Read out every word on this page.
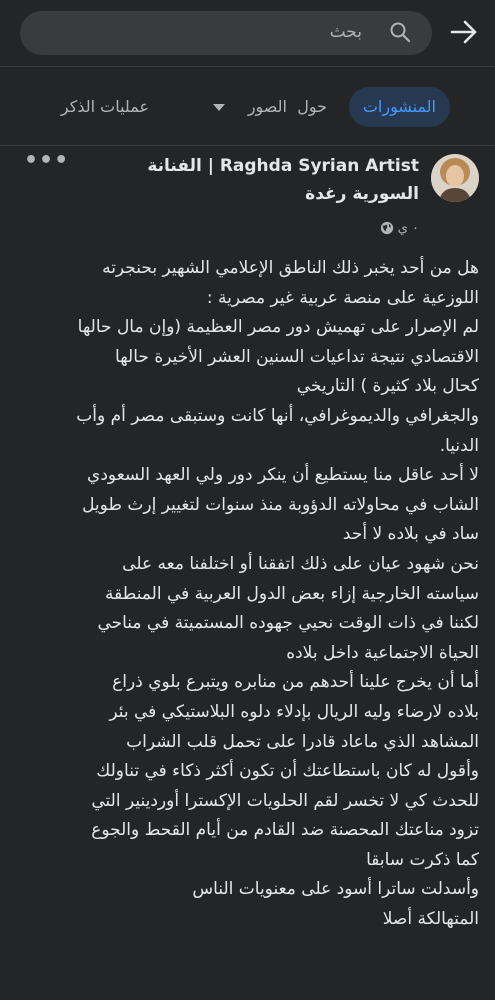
بحث
المنشورات
حول
الصور
عمليات الذكر
Raghda Syrian Artist | الفنانة السورية رغدة
•••
٠ ي
هل من أحد يخبر ذلك الناطق الإعلامي الشهير بحنجرته
اللوزعية على منصة عربية غير مصرية :
لم الإصرار على تهميش دور مصر العظيمة (وإن مال حالها
الاقتصادي نتيجة تداعيات السنين العشر الأخيرة حالها
كحال بلاد كثيرة ) التاريخي
والجغرافي والديموغرافي، أنها كانت وستبقى مصر أم وأب
الدنيا.
لا أحد عاقل منا يستطيع أن ينكر دور ولي العهد السعودي
الشاب في محاولاته الدؤوبة منذ سنوات لتغيير إرث طويل
ساد في بلاده لا أحد
نحن شهود عيان على ذلك اتفقنا أو اختلفنا معه على
سياسته الخارجية إزاء بعض الدول العربية في المنطقة
لكننا في ذات الوقت نحيي جهوده المستميتة في مناحي
الحياة الاجتماعية داخل بلاده
أما أن يخرج علينا أحدهم من منابره ويتبرع بلوي ذراع
بلاده لارضاء وليه الريال بإدلاء دلوه البلاستيكي في بئر
المشاهد الذي ماعاد قادرا على تحمل قلب الشراب
وأقول له كان باستطاعتك أن تكون أكثر ذكاء في تناولك
للحدث كي لا تخسر لقم الحلويات الإكسترا أوردينير التي
تزود مناعتك المحصنة ضد القادم من أيام القحط والجوع
كما ذكرت سابقا
وأسدلت ساترا أسود على معنويات الناس
المتهالكة أصلا
